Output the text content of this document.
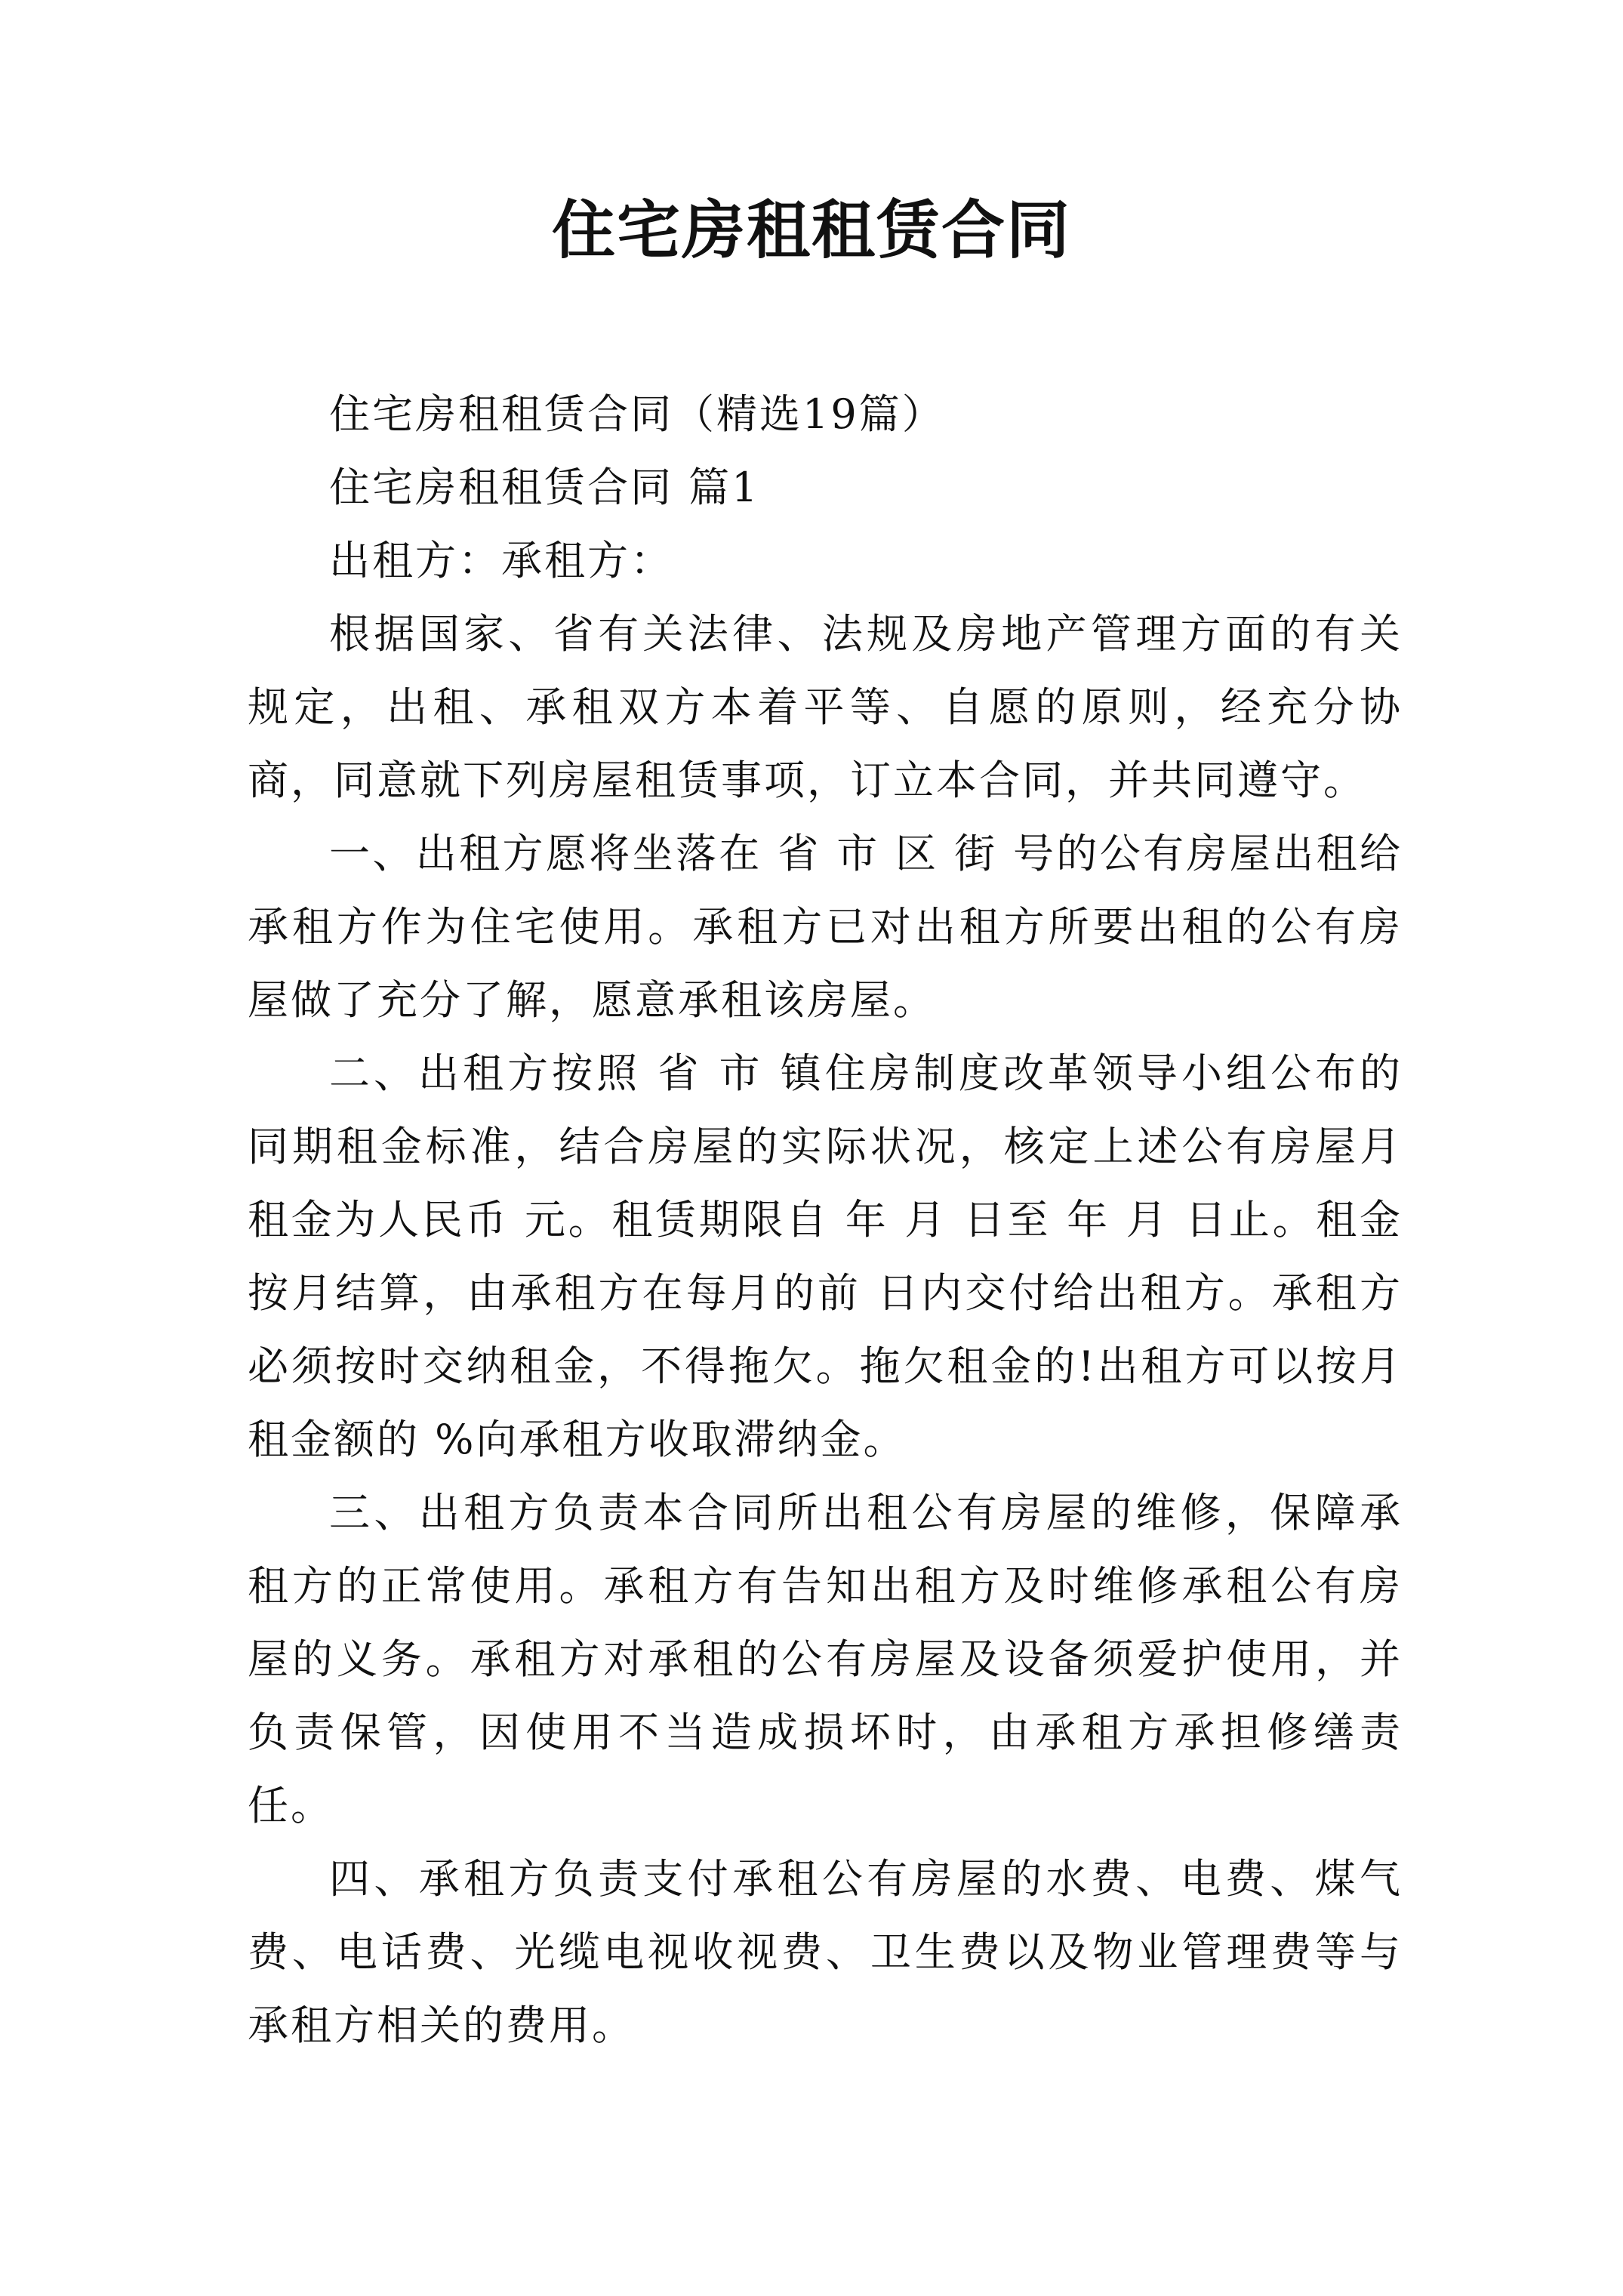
住宅房租租赁合同

住宅房租租赁合同（精选19篇）

住宅房租租赁合同 篇1

出租方：承租方：

根据国家、省有关法律、法规及房地产管理方面的有关规定，出租、承租双方本着平等、自愿的原则，经充分协商，同意就下列房屋租赁事项，订立本合同，并共同遵守。

一、出租方愿将坐落在 省 市 区 街 号的公有房屋出租给承租方作为住宅使用。承租方已对出租方所要出租的公有房屋做了充分了解，愿意承租该房屋。

二、出租方按照 省 市 镇住房制度改革领导小组公布的同期租金标准，结合房屋的实际状况，核定上述公有房屋月租金为人民币 元。租赁期限自 年 月 日至 年 月 日止。租金按月结算，由承租方在每月的前 日内交付给出租方。承租方必须按时交纳租金，不得拖欠。拖欠租金的!出租方可以按月租金额的 %向承租方收取滞纳金。

三、出租方负责本合同所出租公有房屋的维修，保障承租方的正常使用。承租方有告知出租方及时维修承租公有房屋的义务。承租方对承租的公有房屋及设备须爱护使用，并负责保管，因使用不当造成损坏时，由承租方承担修缮责任。

四、承租方负责支付承租公有房屋的水费、电费、煤气费、电话费、光缆电视收视费、卫生费以及物业管理费等与承租方相关的费用。
